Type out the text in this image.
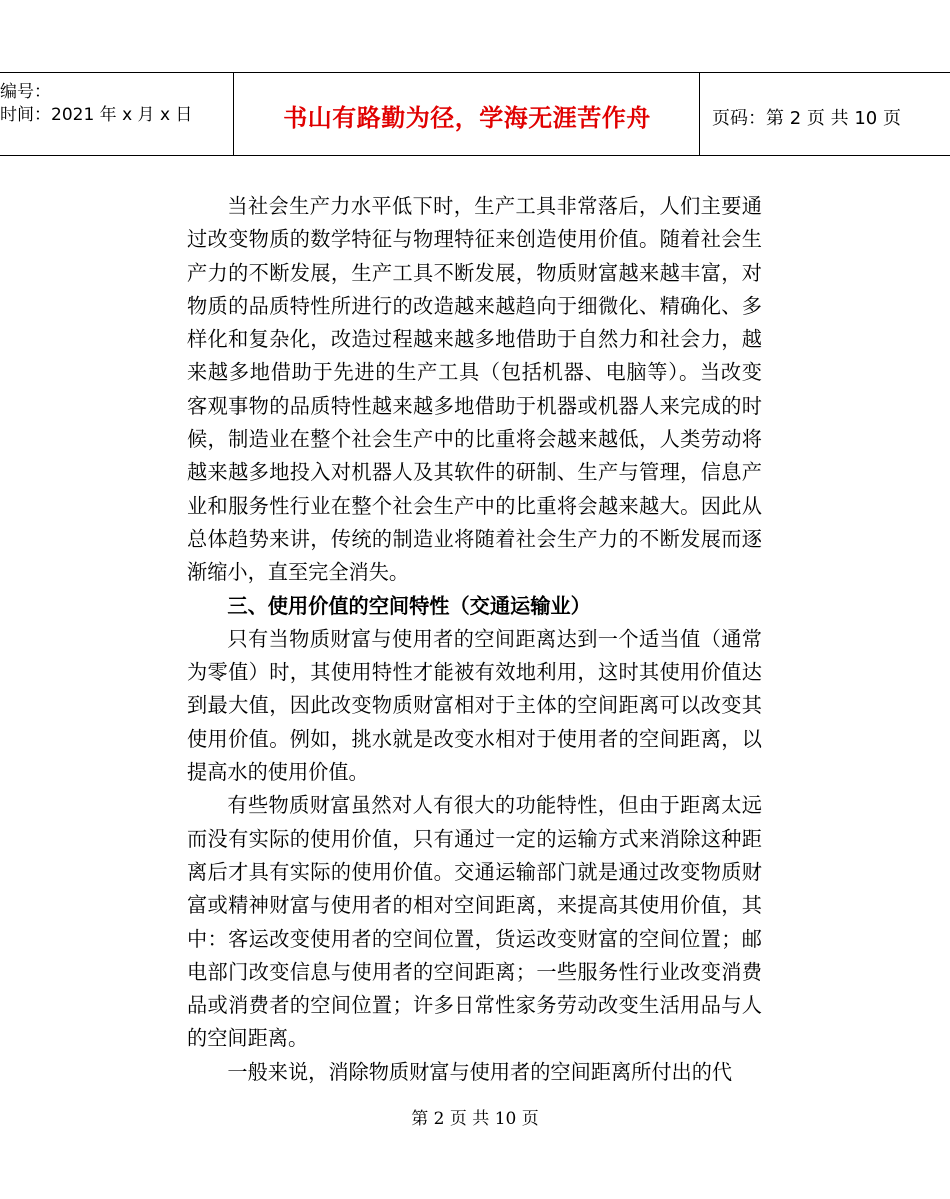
编号：
时间：2021 年 x 月 x 日	书山有路勤为径，学海无涯苦作舟	页码：第 2 页 共 10 页

当社会生产力水平低下时，生产工具非常落后，人们主要通过改变物质的数学特征与物理特征来创造使用价值。随着社会生产力的不断发展，生产工具不断发展，物质财富越来越丰富，对物质的品质特性所进行的改造越来越趋向于细微化、精确化、多样化和复杂化，改造过程越来越多地借助于自然力和社会力，越来越多地借助于先进的生产工具（包括机器、电脑等）。当改变客观事物的品质特性越来越多地借助于机器或机器人来完成的时候，制造业在整个社会生产中的比重将会越来越低，人类劳动将越来越多地投入对机器人及其软件的研制、生产与管理，信息产业和服务性行业在整个社会生产中的比重将会越来越大。因此从总体趋势来讲，传统的制造业将随着社会生产力的不断发展而逐渐缩小，直至完全消失。

三、使用价值的空间特性（交通运输业）

只有当物质财富与使用者的空间距离达到一个适当值（通常为零值）时，其使用特性才能被有效地利用，这时其使用价值达到最大值，因此改变物质财富相对于主体的空间距离可以改变其使用价值。例如，挑水就是改变水相对于使用者的空间距离，以提高水的使用价值。

有些物质财富虽然对人有很大的功能特性，但由于距离太远而没有实际的使用价值，只有通过一定的运输方式来消除这种距离后才具有实际的使用价值。交通运输部门就是通过改变物质财富或精神财富与使用者的相对空间距离，来提高其使用价值，其中：客运改变使用者的空间位置，货运改变财富的空间位置；邮电部门改变信息与使用者的空间距离；一些服务性行业改变消费品或消费者的空间位置；许多日常性家务劳动改变生活用品与人的空间距离。

一般来说，消除物质财富与使用者的空间距离所付出的代

第 2 页 共 10 页
